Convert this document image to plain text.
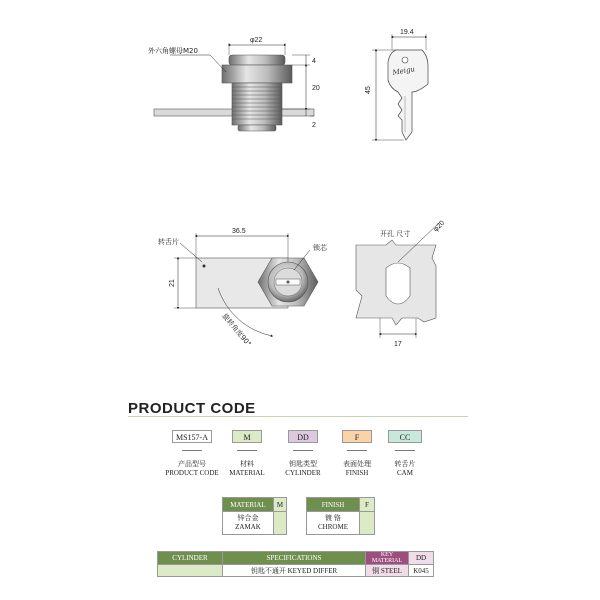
外六角螺母M20
φ22
4
20
2
19.4
45
Meigu
转舌片
锁芯
36.5
21
旋转角度90°
开孔 尺寸
φ20
17
PRODUCT CODE
MS157-A	M	DD	F	CC
产品型号
PRODUCT CODE
材料
MATERIAL
钥匙类型
CYLINDER
表面处理
FINISH
转舌片
CAM
MATERIAL	M
锌合金
ZAMAK	
FINISH	F
镀 铬
CHROME	
CYLINDER	SPECIFICATIONS	KEY MATERIAL	DD
	钥匙不通开 KEYED DIFFER	铜 STEEL	K045
